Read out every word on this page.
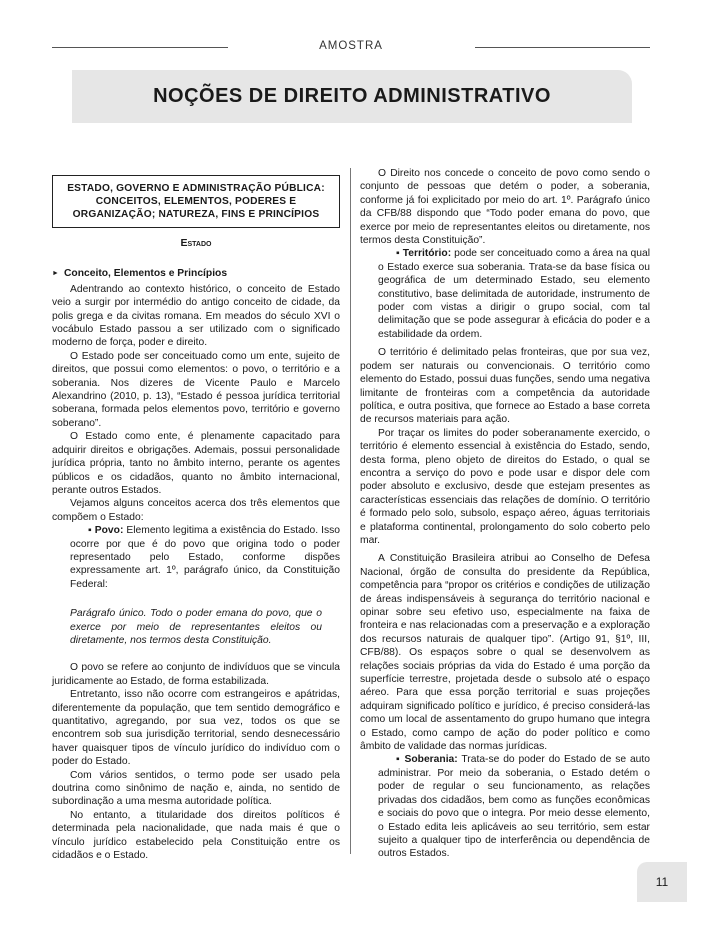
AMOSTRA
NOÇÕES DE DIREITO ADMINISTRATIVO
ESTADO, GOVERNO E ADMINISTRAÇÃO PÚBLICA: CONCEITOS, ELEMENTOS, PODERES E ORGANIZAÇÃO; NATUREZA, FINS E PRINCÍPIOS
Estado
► Conceito, Elementos e Princípios

Adentrando ao contexto histórico, o conceito de Estado veio a surgir por intermédio do antigo conceito de cidade, da polis grega e da civitas romana. Em meados do século XVI o vocábulo Estado passou a ser utilizado com o significado moderno de força, poder e direito.

O Estado pode ser conceituado como um ente, sujeito de direitos, que possui como elementos: o povo, o território e a soberania. Nos dizeres de Vicente Paulo e Marcelo Alexandrino (2010, p. 13), “Estado é pessoa jurídica territorial soberana, formada pelos elementos povo, território e governo soberano”.

O Estado como ente, é plenamente capacitado para adquirir direitos e obrigações. Ademais, possui personalidade jurídica própria, tanto no âmbito interno, perante os agentes públicos e os cidadãos, quanto no âmbito internacional, perante outros Estados.

Vejamos alguns conceitos acerca dos três elementos que compõem o Estado:

▪ Povo: Elemento legitima a existência do Estado. Isso ocorre por que é do povo que origina todo o poder representado pelo Estado, conforme dispões expressamente art. 1º, parágrafo único, da Constituição Federal:

Parágrafo único. Todo o poder emana do povo, que o exerce por meio de representantes eleitos ou diretamente, nos termos desta Constituição.

O povo se refere ao conjunto de indivíduos que se vincula juridicamente ao Estado, de forma estabilizada.

Entretanto, isso não ocorre com estrangeiros e apátridas, diferentemente da população, que tem sentido demográfico e quantitativo, agregando, por sua vez, todos os que se encontrem sob sua jurisdição territorial, sendo desnecessário haver quaisquer tipos de vínculo jurídico do indivíduo com o poder do Estado.

Com vários sentidos, o termo pode ser usado pela doutrina como sinônimo de nação e, ainda, no sentido de subordinação a uma mesma autoridade política.

No entanto, a titularidade dos direitos políticos é determinada pela nacionalidade, que nada mais é que o vínculo jurídico estabelecido pela Constituição entre os cidadãos e o Estado.

O Direito nos concede o conceito de povo como sendo o conjunto de pessoas que detém o poder, a soberania, conforme já foi explicitado por meio do art. 1º. Parágrafo único da CFB/88 dispondo que “Todo poder emana do povo, que exerce por meio de representantes eleitos ou diretamente, nos termos desta Constituição”.

▪ Território: pode ser conceituado como a área na qual o Estado exerce sua soberania. Trata-se da base física ou geográfica de um determinado Estado, seu elemento constitutivo, base delimitada de autoridade, instrumento de poder com vistas a dirigir o grupo social, com tal delimitação que se pode assegurar à eficácia do poder e a estabilidade da ordem.

O território é delimitado pelas fronteiras, que por sua vez, podem ser naturais ou convencionais. O território como elemento do Estado, possui duas funções, sendo uma negativa limitante de fronteiras com a competência da autoridade política, e outra positiva, que fornece ao Estado a base correta de recursos materiais para ação.

Por traçar os limites do poder soberanamente exercido, o território é elemento essencial à existência do Estado, sendo, desta forma, pleno objeto de direitos do Estado, o qual se encontra a serviço do povo e pode usar e dispor dele com poder absoluto e exclusivo, desde que estejam presentes as características essenciais das relações de domínio. O território é formado pelo solo, subsolo, espaço aéreo, águas territoriais e plataforma continental, prolongamento do solo coberto pelo mar.

A Constituição Brasileira atribui ao Conselho de Defesa Nacional, órgão de consulta do presidente da República, competência para “propor os critérios e condições de utilização de áreas indispensáveis à segurança do território nacional e opinar sobre seu efetivo uso, especialmente na faixa de fronteira e nas relacionadas com a preservação e a exploração dos recursos naturais de qualquer tipo”. (Artigo 91, §1º, III, CFB/88). Os espaços sobre o qual se desenvolvem as relações sociais próprias da vida do Estado é uma porção da superfície terrestre, projetada desde o subsolo até o espaço aéreo. Para que essa porção territorial e suas projeções adquiram significado político e jurídico, é preciso considerá-las como um local de assentamento do grupo humano que integra o Estado, como campo de ação do poder político e como âmbito de validade das normas jurídicas.

▪ Soberania: Trata-se do poder do Estado de se auto administrar. Por meio da soberania, o Estado detém o poder de regular o seu funcionamento, as relações privadas dos cidadãos, bem como as funções econômicas e sociais do povo que o integra. Por meio desse elemento, o Estado edita leis aplicáveis ao seu território, sem estar sujeito a qualquer tipo de interferência ou dependência de outros Estados.

11
